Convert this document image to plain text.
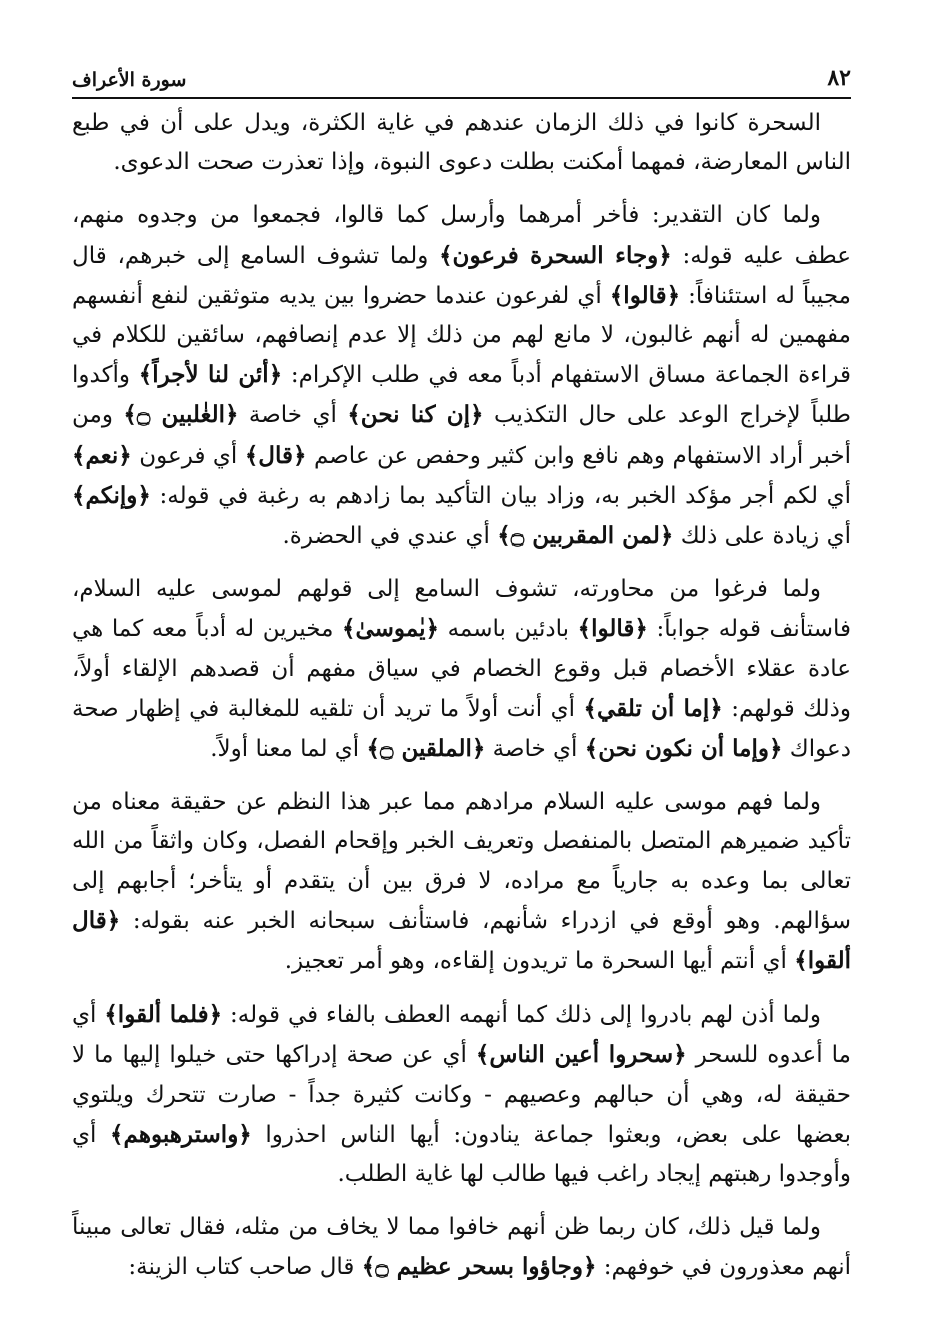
٨٢
سورة الأعراف

السحرة كانوا في ذلك الزمان عندهم في غاية الكثرة، ويدل على أن في طبع الناس المعارضة، فمهما أمكنت بطلت دعوى النبوة، وإذا تعذرت صحت الدعوى.

ولما كان التقدير: فأخر أمرهما وأرسل كما قالوا، فجمعوا من وجدوه منهم، عطف عليه قوله: ﴿وجاء السحرة فرعون﴾ ولما تشوف السامع إلى خبرهم، قال مجيباً له استئنافاً: ﴿قالوا﴾ أي لفرعون عندما حضروا بين يديه متوثقين لنفع أنفسهم مفهمين له أنهم غالبون، لا مانع لهم من ذلك إلا عدم إنصافهم، سائقين للكلام في قراءة الجماعة مساق الاستفهام أدباً معه في طلب الإكرام: ﴿أئن لنا لأجراً﴾ وأكدوا طلباً لإخراج الوعد على حال التكذيب ﴿إن كنا نحن﴾ أي خاصة ﴿الغٰلبين ۝﴾ ومن أخبر أراد الاستفهام وهم نافع وابن كثير وحفص عن عاصم ﴿قال﴾ أي فرعون ﴿نعم﴾ أي لكم أجر مؤكد الخبر به، وزاد بيان التأكيد بما زادهم به رغبة في قوله: ﴿وإنكم﴾ أي زيادة على ذلك ﴿لمن المقربين ۝﴾ أي عندي في الحضرة.

ولما فرغوا من محاورته، تشوف السامع إلى قولهم لموسى عليه السلام، فاستأنف قوله جواباً: ﴿قالوا﴾ بادئين باسمه ﴿يٰموسىٰ﴾ مخيرين له أدباً معه كما هي عادة عقلاء الأخصام قبل وقوع الخصام في سياق مفهم أن قصدهم الإلقاء أولاً، وذلك قولهم: ﴿إما أن تلقي﴾ أي أنت أولاً ما تريد أن تلقيه للمغالبة في إظهار صحة دعواك ﴿وإما أن نكون نحن﴾ أي خاصة ﴿الملقين ۝﴾ أي لما معنا أولاً.

ولما فهم موسى عليه السلام مرادهم مما عبر هذا النظم عن حقيقة معناه من تأكيد ضميرهم المتصل بالمنفصل وتعريف الخبر وإقحام الفصل، وكان واثقاً من الله تعالى بما وعده به جارياً مع مراده، لا فرق بين أن يتقدم أو يتأخر؛ أجابهم إلى سؤالهم. وهو أوقع في ازدراء شأنهم، فاستأنف سبحانه الخبر عنه بقوله: ﴿قال ألقوا﴾ أي أنتم أيها السحرة ما تريدون إلقاءه، وهو أمر تعجيز.

ولما أذن لهم بادروا إلى ذلك كما أنهمه العطف بالفاء في قوله: ﴿فلما ألقوا﴾ أي ما أعدوه للسحر ﴿سحروا أعين الناس﴾ أي عن صحة إدراكها حتى خيلوا إليها ما لا حقيقة له، وهي أن حبالهم وعصيهم - وكانت كثيرة جداً - صارت تتحرك ويلتوي بعضها على بعض، وبعثوا جماعة ينادون: أيها الناس احذروا ﴿واسترهبوهم﴾ أي وأوجدوا رهبتهم إيجاد راغب فيها طالب لها غاية الطلب.

ولما قيل ذلك، كان ربما ظن أنهم خافوا مما لا يخاف من مثله، فقال تعالى مبيناً أنهم معذورون في خوفهم: ﴿وجاؤوا بسحر عظيم ۝﴾ قال صاحب كتاب الزينة:
